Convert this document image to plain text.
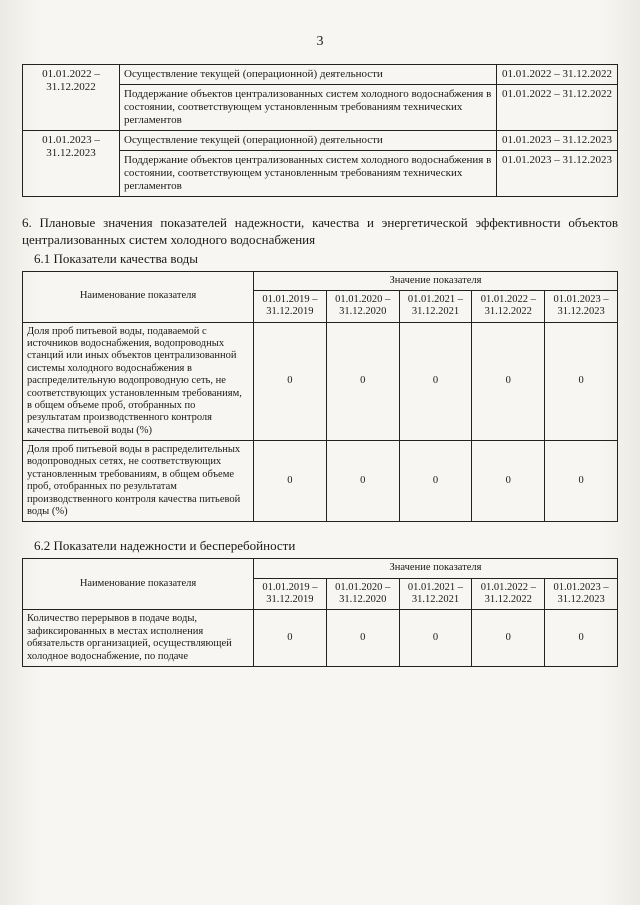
3
01.01.2022 – 31.12.2022	Осуществление текущей (операционной) деятельности	01.01.2022 – 31.12.2022
	Поддержание объектов централизованных систем холодного водоснабжения в состоянии, соответствующем установленным требованиям технических регламентов	01.01.2022 – 31.12.2022
01.01.2023 – 31.12.2023	Осуществление текущей (операционной) деятельности	01.01.2023 – 31.12.2023
	Поддержание объектов централизованных систем холодного водоснабжения в состоянии, соответствующем установленным требованиям технических регламентов	01.01.2023 – 31.12.2023
6. Плановые значения показателей надежности, качества и энергетической эффективности объектов централизованных систем холодного водоснабжения
6.1 Показатели качества воды
Наименование показателя	Значение показателя				
	01.01.2019 – 31.12.2019	01.01.2020 – 31.12.2020	01.01.2021 – 31.12.2021	01.01.2022 – 31.12.2022	01.01.2023 – 31.12.2023
Доля проб питьевой воды, подаваемой с источников водоснабжения, водопроводных станций или иных объектов централизованной системы холодного водоснабжения в распределительную водопроводную сеть, не соответствующих установленным требованиям, в общем объеме проб, отобранных по результатам производственного контроля качества питьевой воды (%)	0	0	0	0	0
Доля проб питьевой воды в распределительных водопроводных сетях, не соответствующих установленным требованиям, в общем объеме проб, отобранных по результатам производственного контроля качества питьевой воды (%)	0	0	0	0	0
6.2 Показатели надежности и бесперебойности
Наименование показателя	Значение показателя				
	01.01.2019 – 31.12.2019	01.01.2020 – 31.12.2020	01.01.2021 – 31.12.2021	01.01.2022 – 31.12.2022	01.01.2023 – 31.12.2023
Количество перерывов в подаче воды, зафиксированных в местах исполнения обязательств организацией, осуществляющей холодное водоснабжение, по подаче	0	0	0	0	0
